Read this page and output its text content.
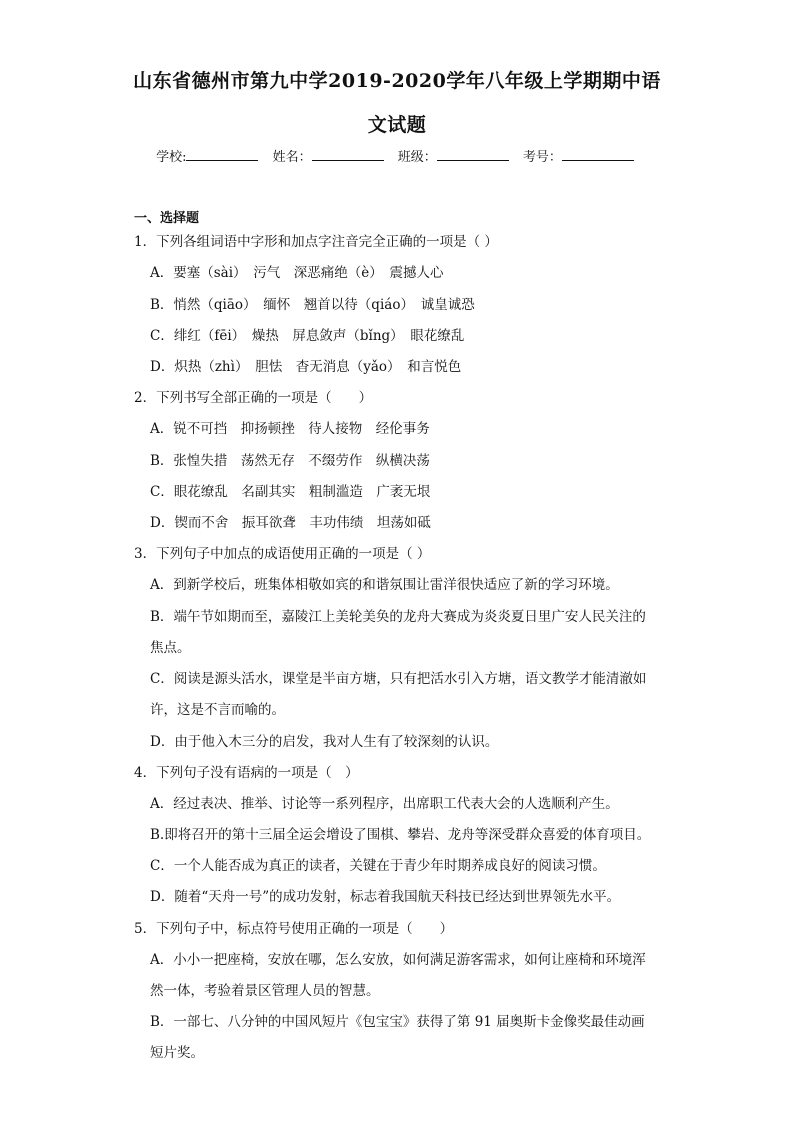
山东省德州市第九中学2019-2020学年八年级上学期期中语
文试题
学校:	姓名：	班级：	考号：
一、选择题
1．下列各组词语中字形和加点字注音完全正确的一项是（ ）
A．要塞（sài）　污气　深恶痛绝（è）　震撼人心
B．悄然（qiāo）　缅怀　翘首以待（qiáo）　诚皇诚恐
C．绯红（fēi）　燥热　屏息敛声（bǐng）　眼花缭乱
D．炽热（zhì）　胆怯　杳无消息（yǎo）　和言悦色
2．下列书写全部正确的一项是（　　）
A．锐不可挡　抑扬顿挫　待人接物　经伦事务
B．张惶失措　荡然无存　不缀劳作　纵横决荡
C．眼花缭乱　名副其实　粗制滥造　广袤无垠
D．锲而不舍　振耳欲聋　丰功伟绩　坦荡如砥
3．下列句子中加点的成语使用正确的一项是（ ）
A．到新学校后，班集体相敬如宾的和谐氛围让雷洋很快适应了新的学习环境。
B．端午节如期而至，嘉陵江上美轮美奂的龙舟大赛成为炎炎夏日里广安人民关注的
焦点。
C．阅读是源头活水，课堂是半亩方塘，只有把活水引入方塘，语文教学才能清澈如
许，这是不言而喻的。
D．由于他入木三分的启发，我对人生有了较深刻的认识。
4．下列句子没有语病的一项是（　）
A．经过表决、推举、讨论等一系列程序，出席职工代表大会的人选顺利产生。
B.即将召开的第十三届全运会增设了围棋、攀岩、龙舟等深受群众喜爱的体育项目。
C．一个人能否成为真正的读者，关键在于青少年时期养成良好的阅读习惯。
D．随着“天舟一号”的成功发射，标志着我国航天科技已经达到世界领先水平。
5．下列句子中，标点符号使用正确的一项是（　　）
A．小小一把座椅，安放在哪，怎么安放，如何满足游客需求，如何让座椅和环境浑
然一体，考验着景区管理人员的智慧。
B．一部七、八分钟的中国风短片《包宝宝》获得了第 91 届奥斯卡金像奖最佳动画
短片奖。
